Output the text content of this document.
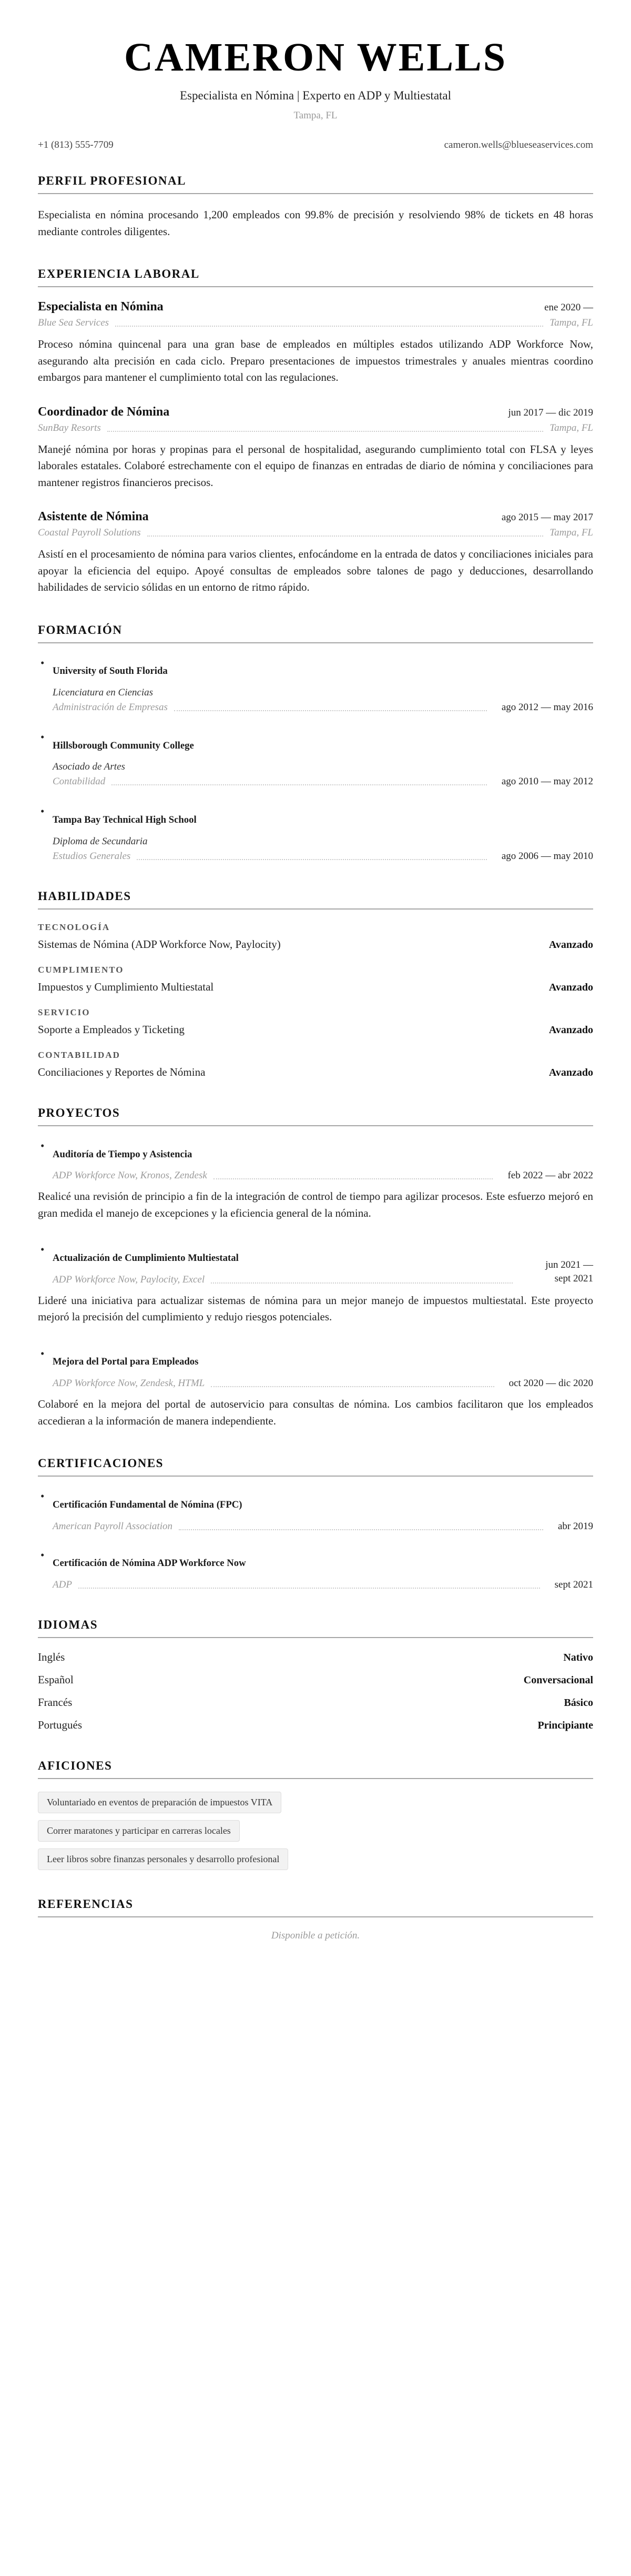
CAMERON WELLS
Especialista en Nómina | Experto en ADP y Multiestatal
Tampa, FL
+1 (813) 555-7709	cameron.wells@blueseaservices.com
PERFIL PROFESIONAL

Especialista en nómina procesando 1,200 empleados con 99.8% de precisión y resolviendo 98% de tickets en 48 horas mediante controles diligentes.

EXPERIENCIA LABORAL
Especialista en Nómina	ene 2020 —
Blue Sea Services	Tampa, FL

Proceso nómina quincenal para una gran base de empleados en múltiples estados utilizando ADP Workforce Now, asegurando alta precisión en cada ciclo. Preparo presentaciones de impuestos trimestrales y anuales mientras coordino embargos para mantener el cumplimiento total con las regulaciones.

Coordinador de Nómina	jun 2017 — dic 2019
SunBay Resorts	Tampa, FL

Manejé nómina por horas y propinas para el personal de hospitalidad, asegurando cumplimiento total con FLSA y leyes laborales estatales. Colaboré estrechamente con el equipo de finanzas en entradas de diario de nómina y conciliaciones para mantener registros financieros precisos.

Asistente de Nómina	ago 2015 — may 2017
Coastal Payroll Solutions	Tampa, FL

Asistí en el procesamiento de nómina para varios clientes, enfocándome en la entrada de datos y conciliaciones iniciales para apoyar la eficiencia del equipo. Apoyé consultas de empleados sobre talones de pago y deducciones, desarrollando habilidades de servicio sólidas en un entorno de ritmo rápido.

FORMACIÓN
• University of South Florida
Licenciatura en Ciencias
Administración de Empresas	ago 2012 — may 2016
• Hillsborough Community College
Asociado de Artes
Contabilidad	ago 2010 — may 2012
• Tampa Bay Technical High School
Diploma de Secundaria
Estudios Generales	ago 2006 — may 2010
HABILIDADES
TECNOLOGÍA
Sistemas de Nómina (ADP Workforce Now, Paylocity)	Avanzado
CUMPLIMIENTO
Impuestos y Cumplimiento Multiestatal	Avanzado
SERVICIO
Soporte a Empleados y Ticketing	Avanzado
CONTABILIDAD
Conciliaciones y Reportes de Nómina	Avanzado
PROYECTOS
• Auditoría de Tiempo y Asistencia
ADP Workforce Now, Kronos, Zendesk	feb 2022 — abr 2022

Realicé una revisión de principio a fin de la integración de control de tiempo para agilizar procesos. Este esfuerzo mejoró en gran medida el manejo de excepciones y la eficiencia general de la nómina.

• Actualización de Cumplimiento Multiestatal
ADP Workforce Now, Paylocity, Excel
jun 2021 — sept 2021

Lideré una iniciativa para actualizar sistemas de nómina para un mejor manejo de impuestos multiestatal. Este proyecto mejoró la precisión del cumplimiento y redujo riesgos potenciales.

• Mejora del Portal para Empleados
ADP Workforce Now, Zendesk, HTML	oct 2020 — dic 2020

Colaboré en la mejora del portal de autoservicio para consultas de nómina. Los cambios facilitaron que los empleados accedieran a la información de manera independiente.

CERTIFICACIONES
• Certificación Fundamental de Nómina (FPC)
American Payroll Association	abr 2019
• Certificación de Nómina ADP Workforce Now
ADP	sept 2021
IDIOMAS
Inglés	Nativo
Español	Conversacional
Francés	Básico
Portugués	Principiante
AFICIONES
Voluntariado en eventos de preparación de impuestos VITA
Correr maratones y participar en carreras locales
Leer libros sobre finanzas personales y desarrollo profesional
REFERENCIAS
Disponible a petición.
